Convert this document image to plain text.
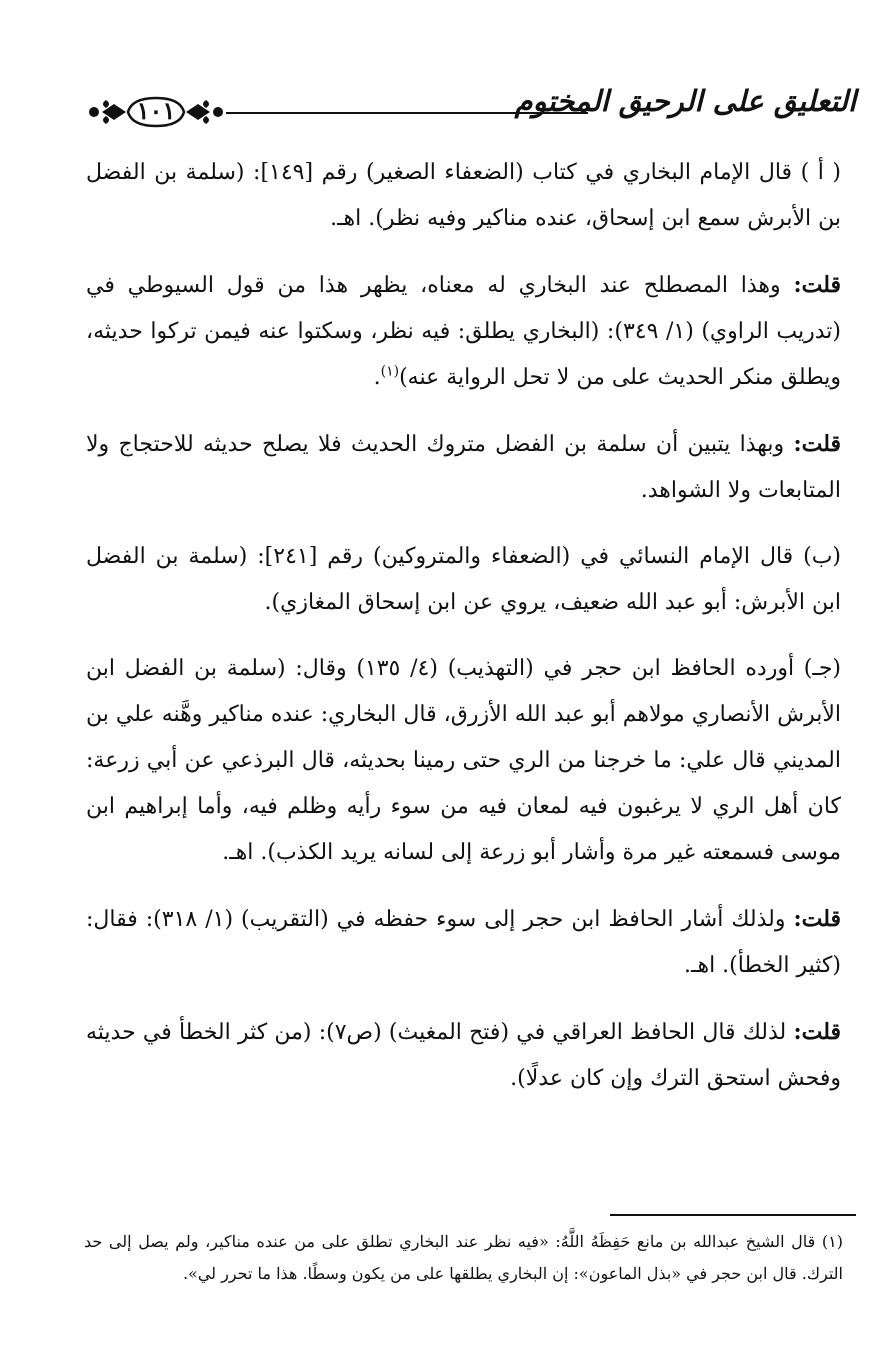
التعليق على الرحيق المختوم
١٠١

( أ ) قال الإمام البخاري في كتاب (الضعفاء الصغير) رقم [١٤٩]: (سلمة بن الفضل بن الأبرش سمع ابن إسحاق، عنده مناكير وفيه نظر). اهـ.

قلت: وهذا المصطلح عند البخاري له معناه، يظهر هذا من قول السيوطي في (تدريب الراوي) (١/ ٣٤٩): (البخاري يطلق: فيه نظر، وسكتوا عنه فيمن تركوا حديثه، ويطلق منكر الحديث على من لا تحل الرواية عنه)$^{(١)}$.

قلت: وبهذا يتبين أن سلمة بن الفضل متروك الحديث فلا يصلح حديثه للاحتجاج ولا المتابعات ولا الشواهد.

(ب) قال الإمام النسائي في (الضعفاء والمتروكين) رقم [٢٤١]: (سلمة بن الفضل ابن الأبرش: أبو عبد الله ضعيف، يروي عن ابن إسحاق المغازي).

(جـ) أورده الحافظ ابن حجر في (التهذيب) (٤/ ١٣٥) وقال: (سلمة بن الفضل ابن الأبرش الأنصاري مولاهم أبو عبد الله الأزرق، قال البخاري: عنده مناكير وهَّنه علي بن المديني قال علي: ما خرجنا من الري حتى رمينا بحديثه، قال البرذعي عن أبي زرعة: كان أهل الري لا يرغبون فيه لمعان فيه من سوء رأيه وظلم فيه، وأما إبراهيم ابن موسى فسمعته غير مرة وأشار أبو زرعة إلى لسانه يريد الكذب). اهـ.

قلت: ولذلك أشار الحافظ ابن حجر إلى سوء حفظه في (التقريب) (١/ ٣١٨): فقال: (كثير الخطأ). اهـ.

قلت: لذلك قال الحافظ العراقي في (فتح المغيث) (ص٧): (من كثر الخطأ في حديثه وفحش استحق الترك وإن كان عدلًا).

(١) قال الشيخ عبدالله بن مانع حَفِظَهُ اللَّهُ: «فيه نظر عند البخاري تطلق على من عنده مناكير، ولم يصل إلى حد الترك. قال ابن حجر في «بذل الماعون»: إن البخاري يطلقها على من يكون وسطًا. هذا ما تحرر لي».
